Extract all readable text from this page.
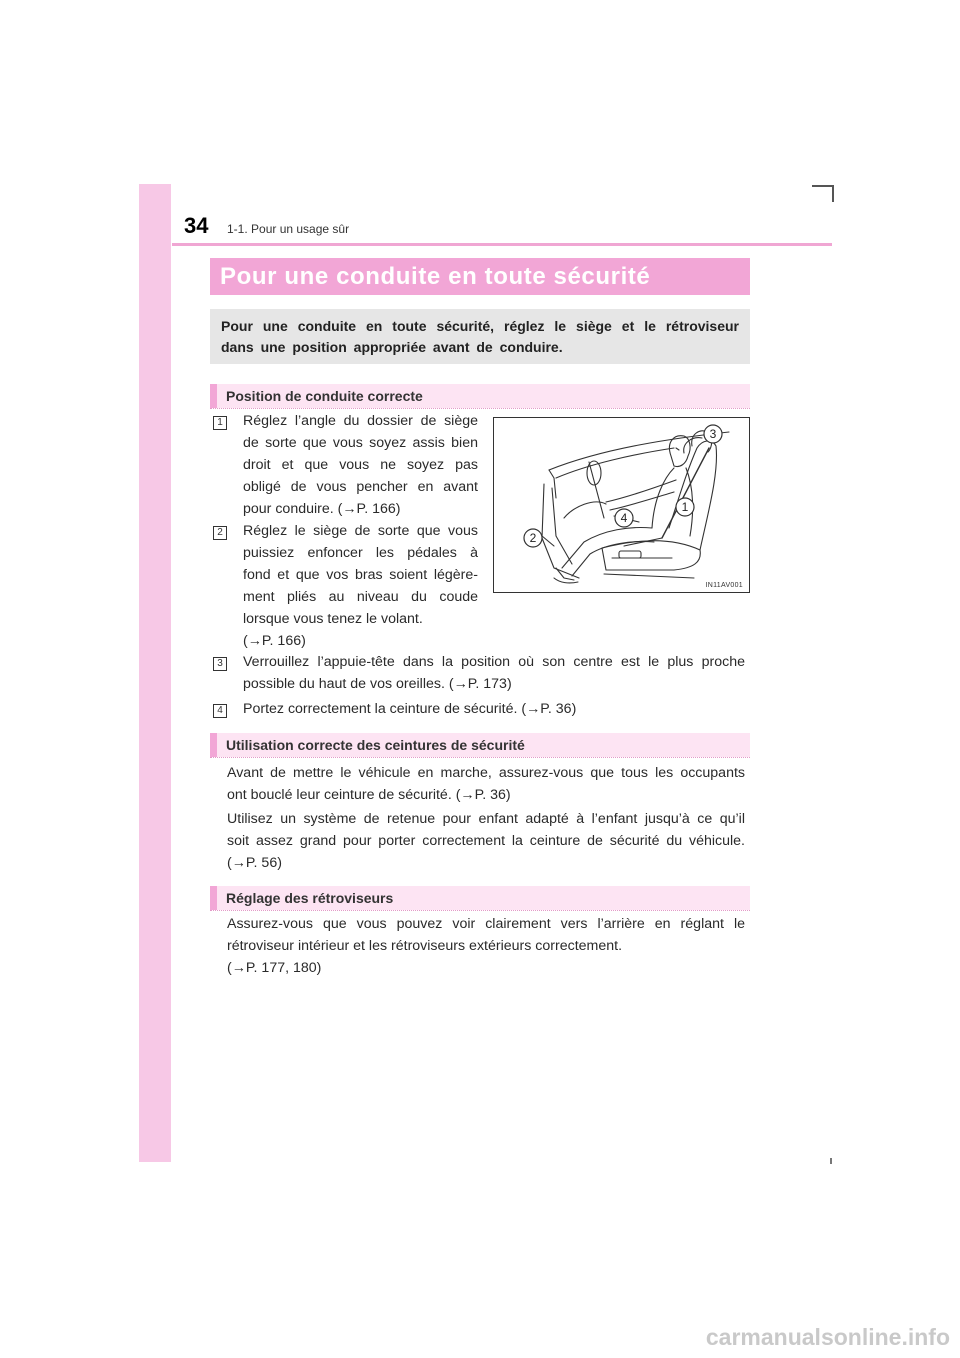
34 1-1. Pour un usage sûr
Pour une conduite en toute sécurité
Pour une conduite en toute sécurité, réglez le siège et le rétroviseur dans une position appropriée avant de conduire.
Position de conduite correcte
1 Réglez l’angle du dossier de siège
de sorte que vous soyez assis bien
droit et que vous ne soyez pas
obligé de vous pencher en avant
pour conduire. (→P. 166)
2 Réglez le siège de sorte que vous
puissiez enfoncer les pédales à
fond et que vos bras soient légère-
ment pliés au niveau du coude
lorsque vous tenez le volant.
(→P. 166)
3 Verrouillez l’appuie-tête dans la position où son centre est le plus proche
possible du haut de vos oreilles. (→P. 173)
4 Portez correctement la ceinture de sécurité. (→P. 36)
3
1
4
2
IN11AV001
Utilisation correcte des ceintures de sécurité
Avant de mettre le véhicule en marche, assurez-vous que tous les occupants
ont bouclé leur ceinture de sécurité. (→P. 36)
Utilisez un système de retenue pour enfant adapté à l’enfant jusqu’à ce qu’il
soit assez grand pour porter correctement la ceinture de sécurité du véhicule.
(→P. 56)
Réglage des rétroviseurs
Assurez-vous que vous pouvez voir clairement vers l’arrière en réglant le
rétroviseur intérieur et les rétroviseurs extérieurs correctement.
(→P. 177, 180)
carmanualsonline.info
